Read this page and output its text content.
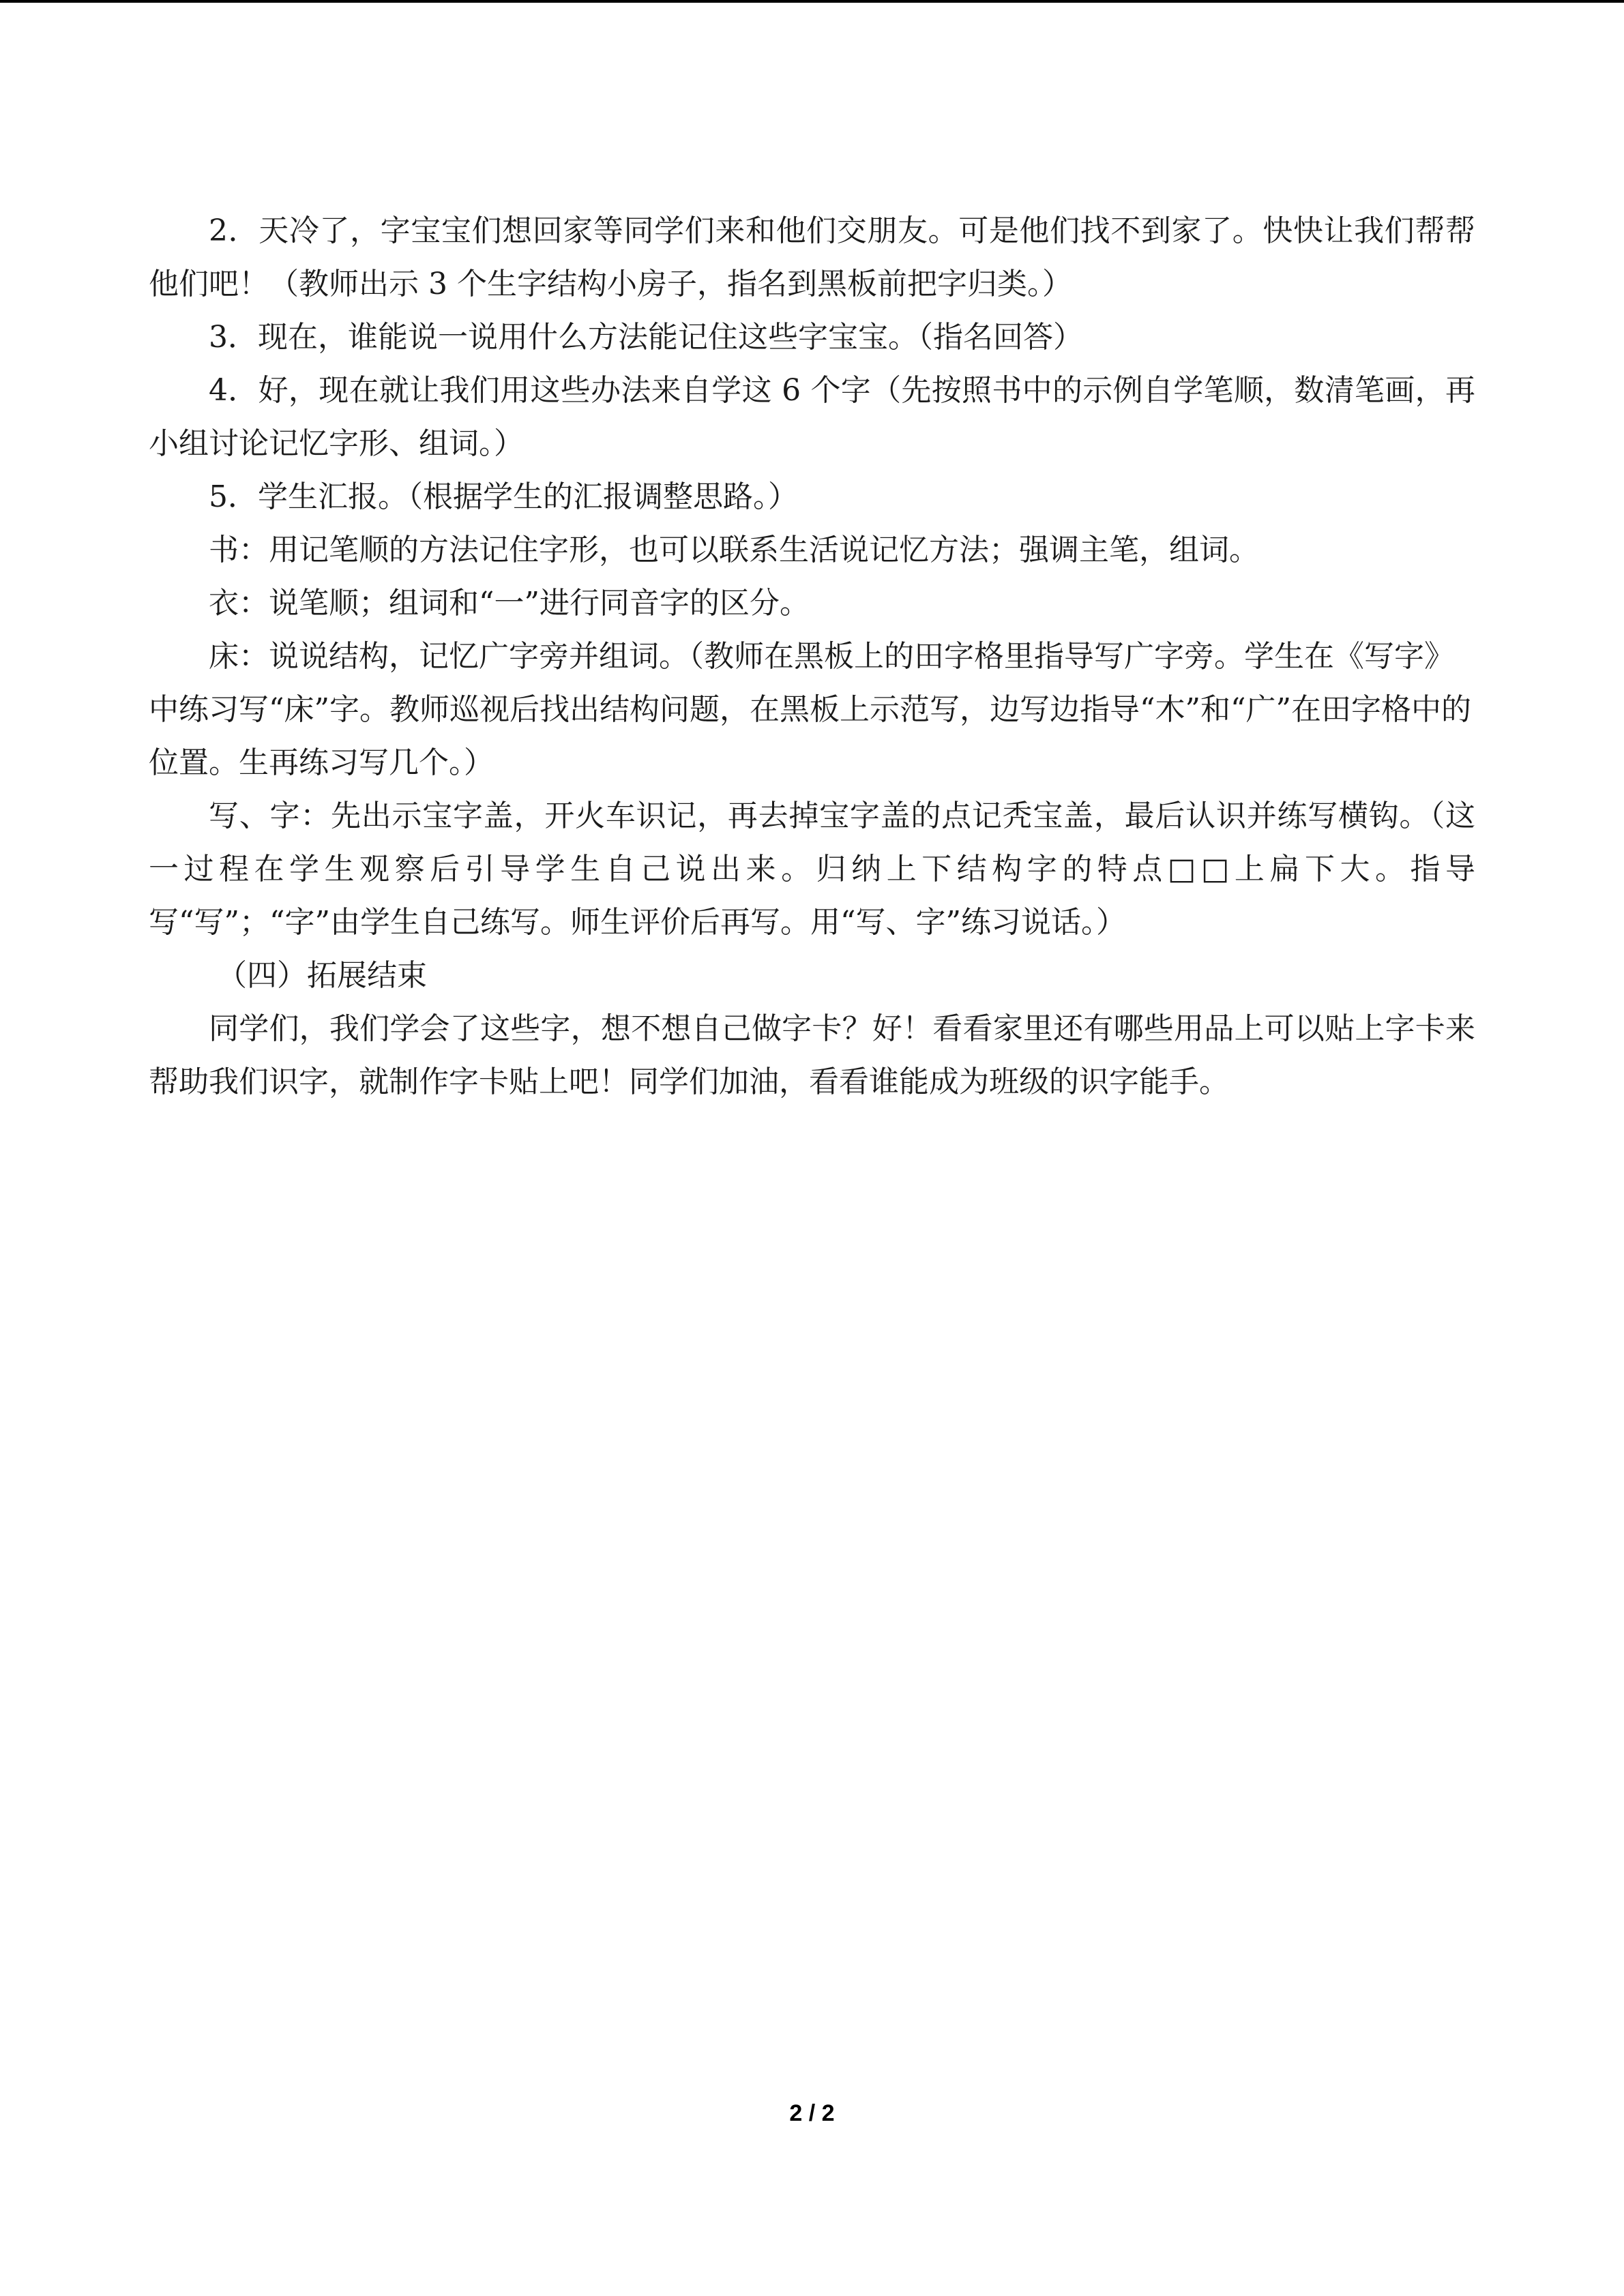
2．天冷了，字宝宝们想回家等同学们来和他们交朋友。可是他们找不到家了。快快让我们帮帮他们吧！（教师出示 3 个生字结构小房子，指名到黑板前把字归类。）

3．现在，谁能说一说用什么方法能记住这些字宝宝。（指名回答）

4．好，现在就让我们用这些办法来自学这 6 个字（先按照书中的示例自学笔顺，数清笔画，再小组讨论记忆字形、组词。）

5．学生汇报。（根据学生的汇报调整思路。）

书：用记笔顺的方法记住字形，也可以联系生活说记忆方法；强调主笔，组词。

衣：说笔顺；组词和“一”进行同音字的区分。

床：说说结构，记忆广字旁并组词。（教师在黑板上的田字格里指导写广字旁。学生在《写字》中练习写“床”字。教师巡视后找出结构问题，在黑板上示范写，边写边指导“木”和“广”在田字格中的位置。生再练习写几个。）

写、字：先出示宝字盖，开火车识记，再去掉宝字盖的点记秃宝盖，最后认识并练写横钩。（这一过程在学生观察后引导学生自己说出来。归纳上下结构字的特点□□上扁下大。指导写“写”；“字”由学生自己练写。师生评价后再写。用“写、字”练习说话。）

（四）拓展结束

同学们，我们学会了这些字，想不想自己做字卡？好！看看家里还有哪些用品上可以贴上字卡来帮助我们识字，就制作字卡贴上吧！同学们加油，看看谁能成为班级的识字能手。

2 / 2
